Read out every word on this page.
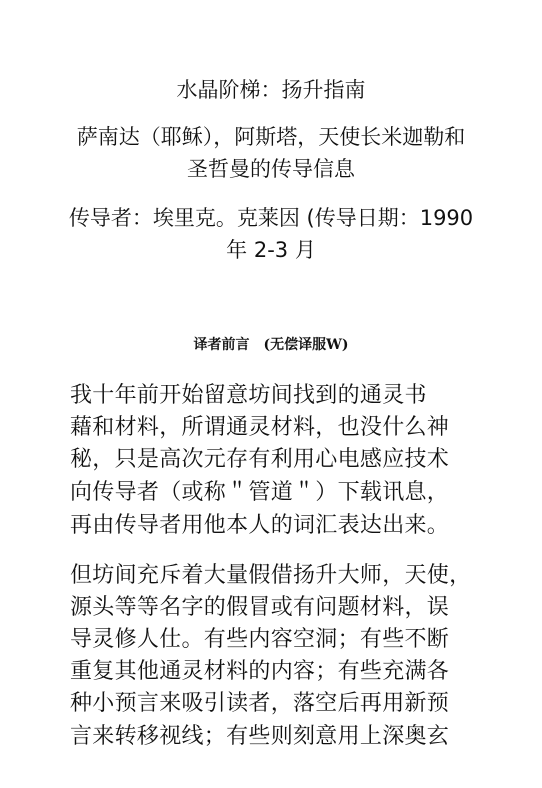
水晶阶梯：扬升指南
萨南达（耶稣），阿斯塔，天使长米迦勒和
圣哲曼的传导信息
传导者：埃里克。克莱因 (传导日期：1990
年 2-3 月
译者前言　(无偿译服W)
我十年前开始留意坊间找到的通灵书
藉和材料，所谓通灵材料，也没什么神
秘，只是高次元存有利用心电感应技术
向传导者（或称＂管道＂）下载讯息，
再由传导者用他本人的词汇表达出来。
但坊间充斥着大量假借扬升大师，天使，
源头等等名字的假冒或有问题材料，误
导灵修人仕。有些内容空洞；有些不断
重复其他通灵材料的内容；有些充满各
种小预言来吸引读者，落空后再用新预
言来转移视线；有些则刻意用上深奥玄
